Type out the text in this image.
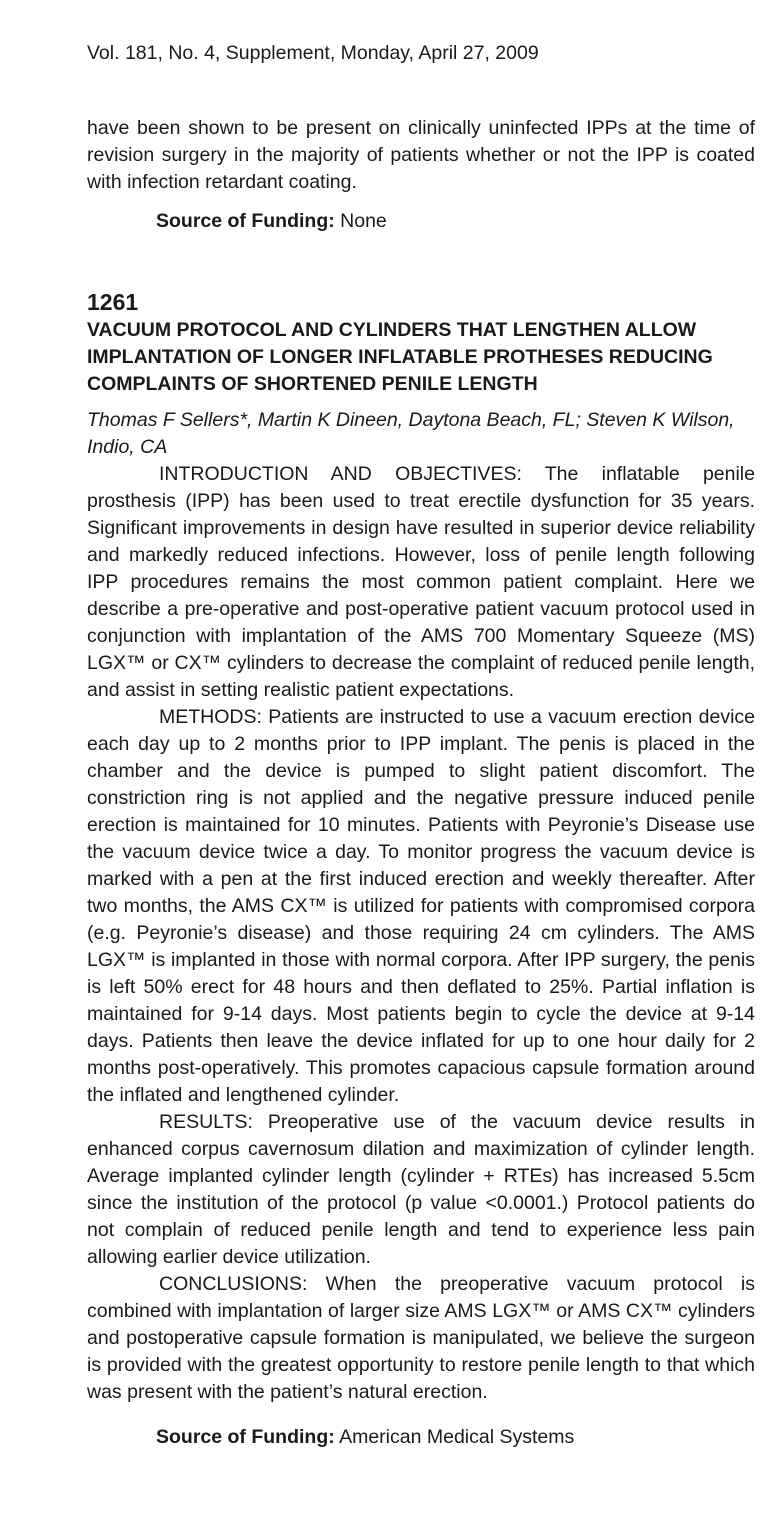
Vol. 181, No. 4, Supplement, Monday, April 27, 2009

have been shown to be present on clinically uninfected IPPs at the time of revision surgery in the majority of patients whether or not the IPP is coated with infection retardant coating.

Source of Funding: None

1261

VACUUM PROTOCOL AND CYLINDERS THAT LENGTHEN ALLOW IMPLANTATION OF LONGER INFLATABLE PROTHESES REDUCING COMPLAINTS OF SHORTENED PENILE LENGTH

Thomas F Sellers*, Martin K Dineen, Daytona Beach, FL; Steven K Wilson, Indio, CA

INTRODUCTION AND OBJECTIVES: The inflatable penile prosthesis (IPP) has been used to treat erectile dysfunction for 35 years. Significant improvements in design have resulted in superior device reliability and markedly reduced infections. However, loss of penile length following IPP procedures remains the most common patient complaint. Here we describe a pre-operative and post-operative patient vacuum protocol used in conjunction with implantation of the AMS 700 Momentary Squeeze (MS) LGX™ or CX™ cylinders to decrease the complaint of reduced penile length, and assist in setting realistic patient expectations.

METHODS: Patients are instructed to use a vacuum erection device each day up to 2 months prior to IPP implant. The penis is placed in the chamber and the device is pumped to slight patient discomfort. The constriction ring is not applied and the negative pressure induced penile erection is maintained for 10 minutes. Patients with Peyronie’s Disease use the vacuum device twice a day. To monitor progress the vacuum device is marked with a pen at the first induced erection and weekly thereafter. After two months, the AMS CX™ is utilized for patients with compromised corpora (e.g. Peyronie’s disease) and those requiring 24 cm cylinders. The AMS LGX™ is implanted in those with normal corpora. After IPP surgery, the penis is left 50% erect for 48 hours and then deflated to 25%. Partial inflation is maintained for 9-14 days. Most patients begin to cycle the device at 9-14 days. Patients then leave the device inflated for up to one hour daily for 2 months post-operatively. This promotes capacious capsule formation around the inflated and lengthened cylinder.

RESULTS: Preoperative use of the vacuum device results in enhanced corpus cavernosum dilation and maximization of cylinder length. Average implanted cylinder length (cylinder + RTEs) has increased 5.5cm since the institution of the protocol (p value <0.0001.) Protocol patients do not complain of reduced penile length and tend to experience less pain allowing earlier device utilization.

CONCLUSIONS: When the preoperative vacuum protocol is combined with implantation of larger size AMS LGX™ or AMS CX™ cylinders and postoperative capsule formation is manipulated, we believe the surgeon is provided with the greatest opportunity to restore penile length to that which was present with the patient’s natural erection.

Source of Funding: American Medical Systems
